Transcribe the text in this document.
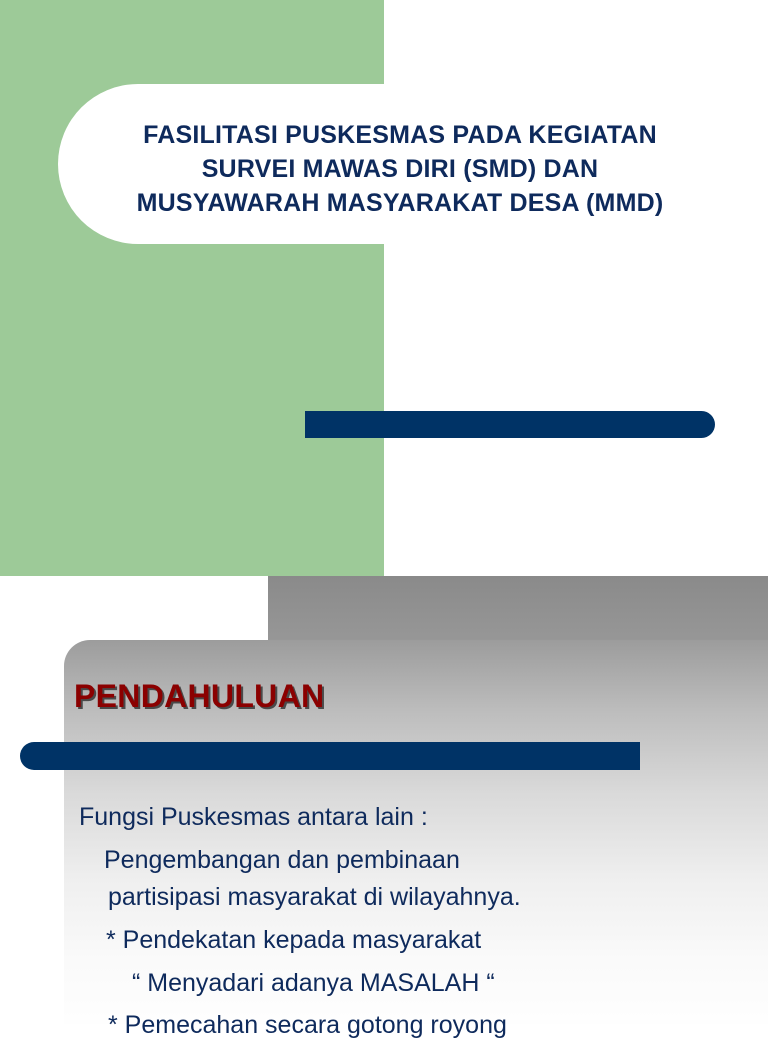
FASILITASI PUSKESMAS PADA KEGIATAN
SURVEI MAWAS DIRI (SMD) DAN
MUSYAWARAH MASYARAKAT DESA (MMD)
PENDAHULUAN

Fungsi Puskesmas antara lain :

Pengembangan dan pembinaan

partisipasi masyarakat di wilayahnya.

* Pendekatan kepada masyarakat

“ Menyadari adanya MASALAH “

* Pemecahan secara gotong royong
